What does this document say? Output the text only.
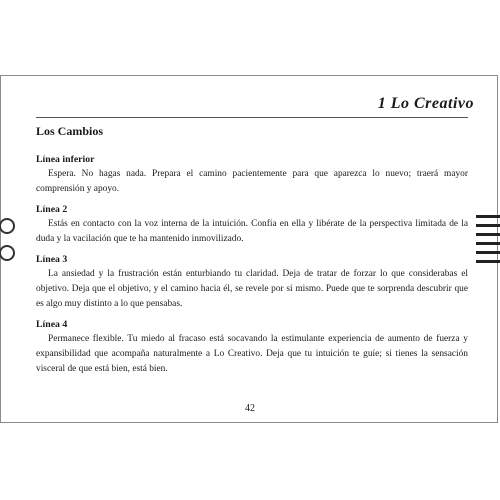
1 Lo Creativo
Los Cambios
Línea inferior
Espera. No hagas nada. Prepara el camino pacientemente para que aparezca lo nuevo; traerá mayor comprensión y apoyo.
Línea 2
Estás en contacto con la voz interna de la intuición. Confía en ella y libérate de la perspectiva limitada de la duda y la vacilación que te ha mantenido inmovilizado.
Línea 3
La ansiedad y la frustración están enturbiando tu claridad. Deja de tratar de forzar lo que considerabas el objetivo. Deja que el objetivo, y el camino hacia él, se revele por sí mismo. Puede que te sorprenda descubrir que es algo muy distinto a lo que pensabas.
Línea 4
Permanece flexible. Tu miedo al fracaso está socavando la estimulante experiencia de aumento de fuerza y expansibilidad que acompaña naturalmente a Lo Creativo. Deja que tu intuición te guíe; si tienes la sensación visceral de que está bien, está bien.
42
